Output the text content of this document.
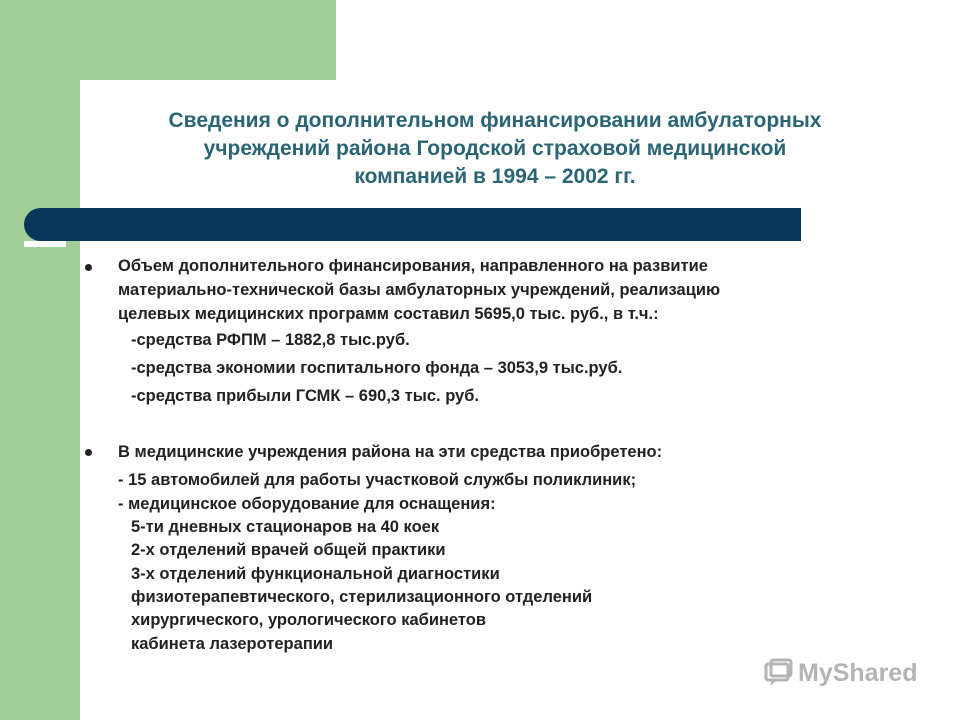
Сведения о дополнительном финансировании амбулаторных
учреждений района Городской страховой медицинской
компанией в 1994 – 2002 гг.
Объем дополнительного финансирования, направленного на развитие
материально-технической базы амбулаторных учреждений, реализацию
целевых медицинских программ составил 5695,0 тыс. руб., в т.ч.:
-средства РФПМ – 1882,8 тыс.руб.
-средства экономии госпитального фонда – 3053,9 тыс.руб.
-средства прибыли ГСМК – 690,3 тыс. руб.
В медицинские учреждения района на эти средства приобретено:
- 15 автомобилей для работы участковой службы поликлиник;
- медицинское оборудование для оснащения:
5-ти дневных стационаров на 40 коек
2-х отделений врачей общей практики
3-х отделений функциональной диагностики
физиотерапевтического, стерилизационного отделений
хирургического, урологического кабинетов
кабинета лазеротерапии
MyShared
